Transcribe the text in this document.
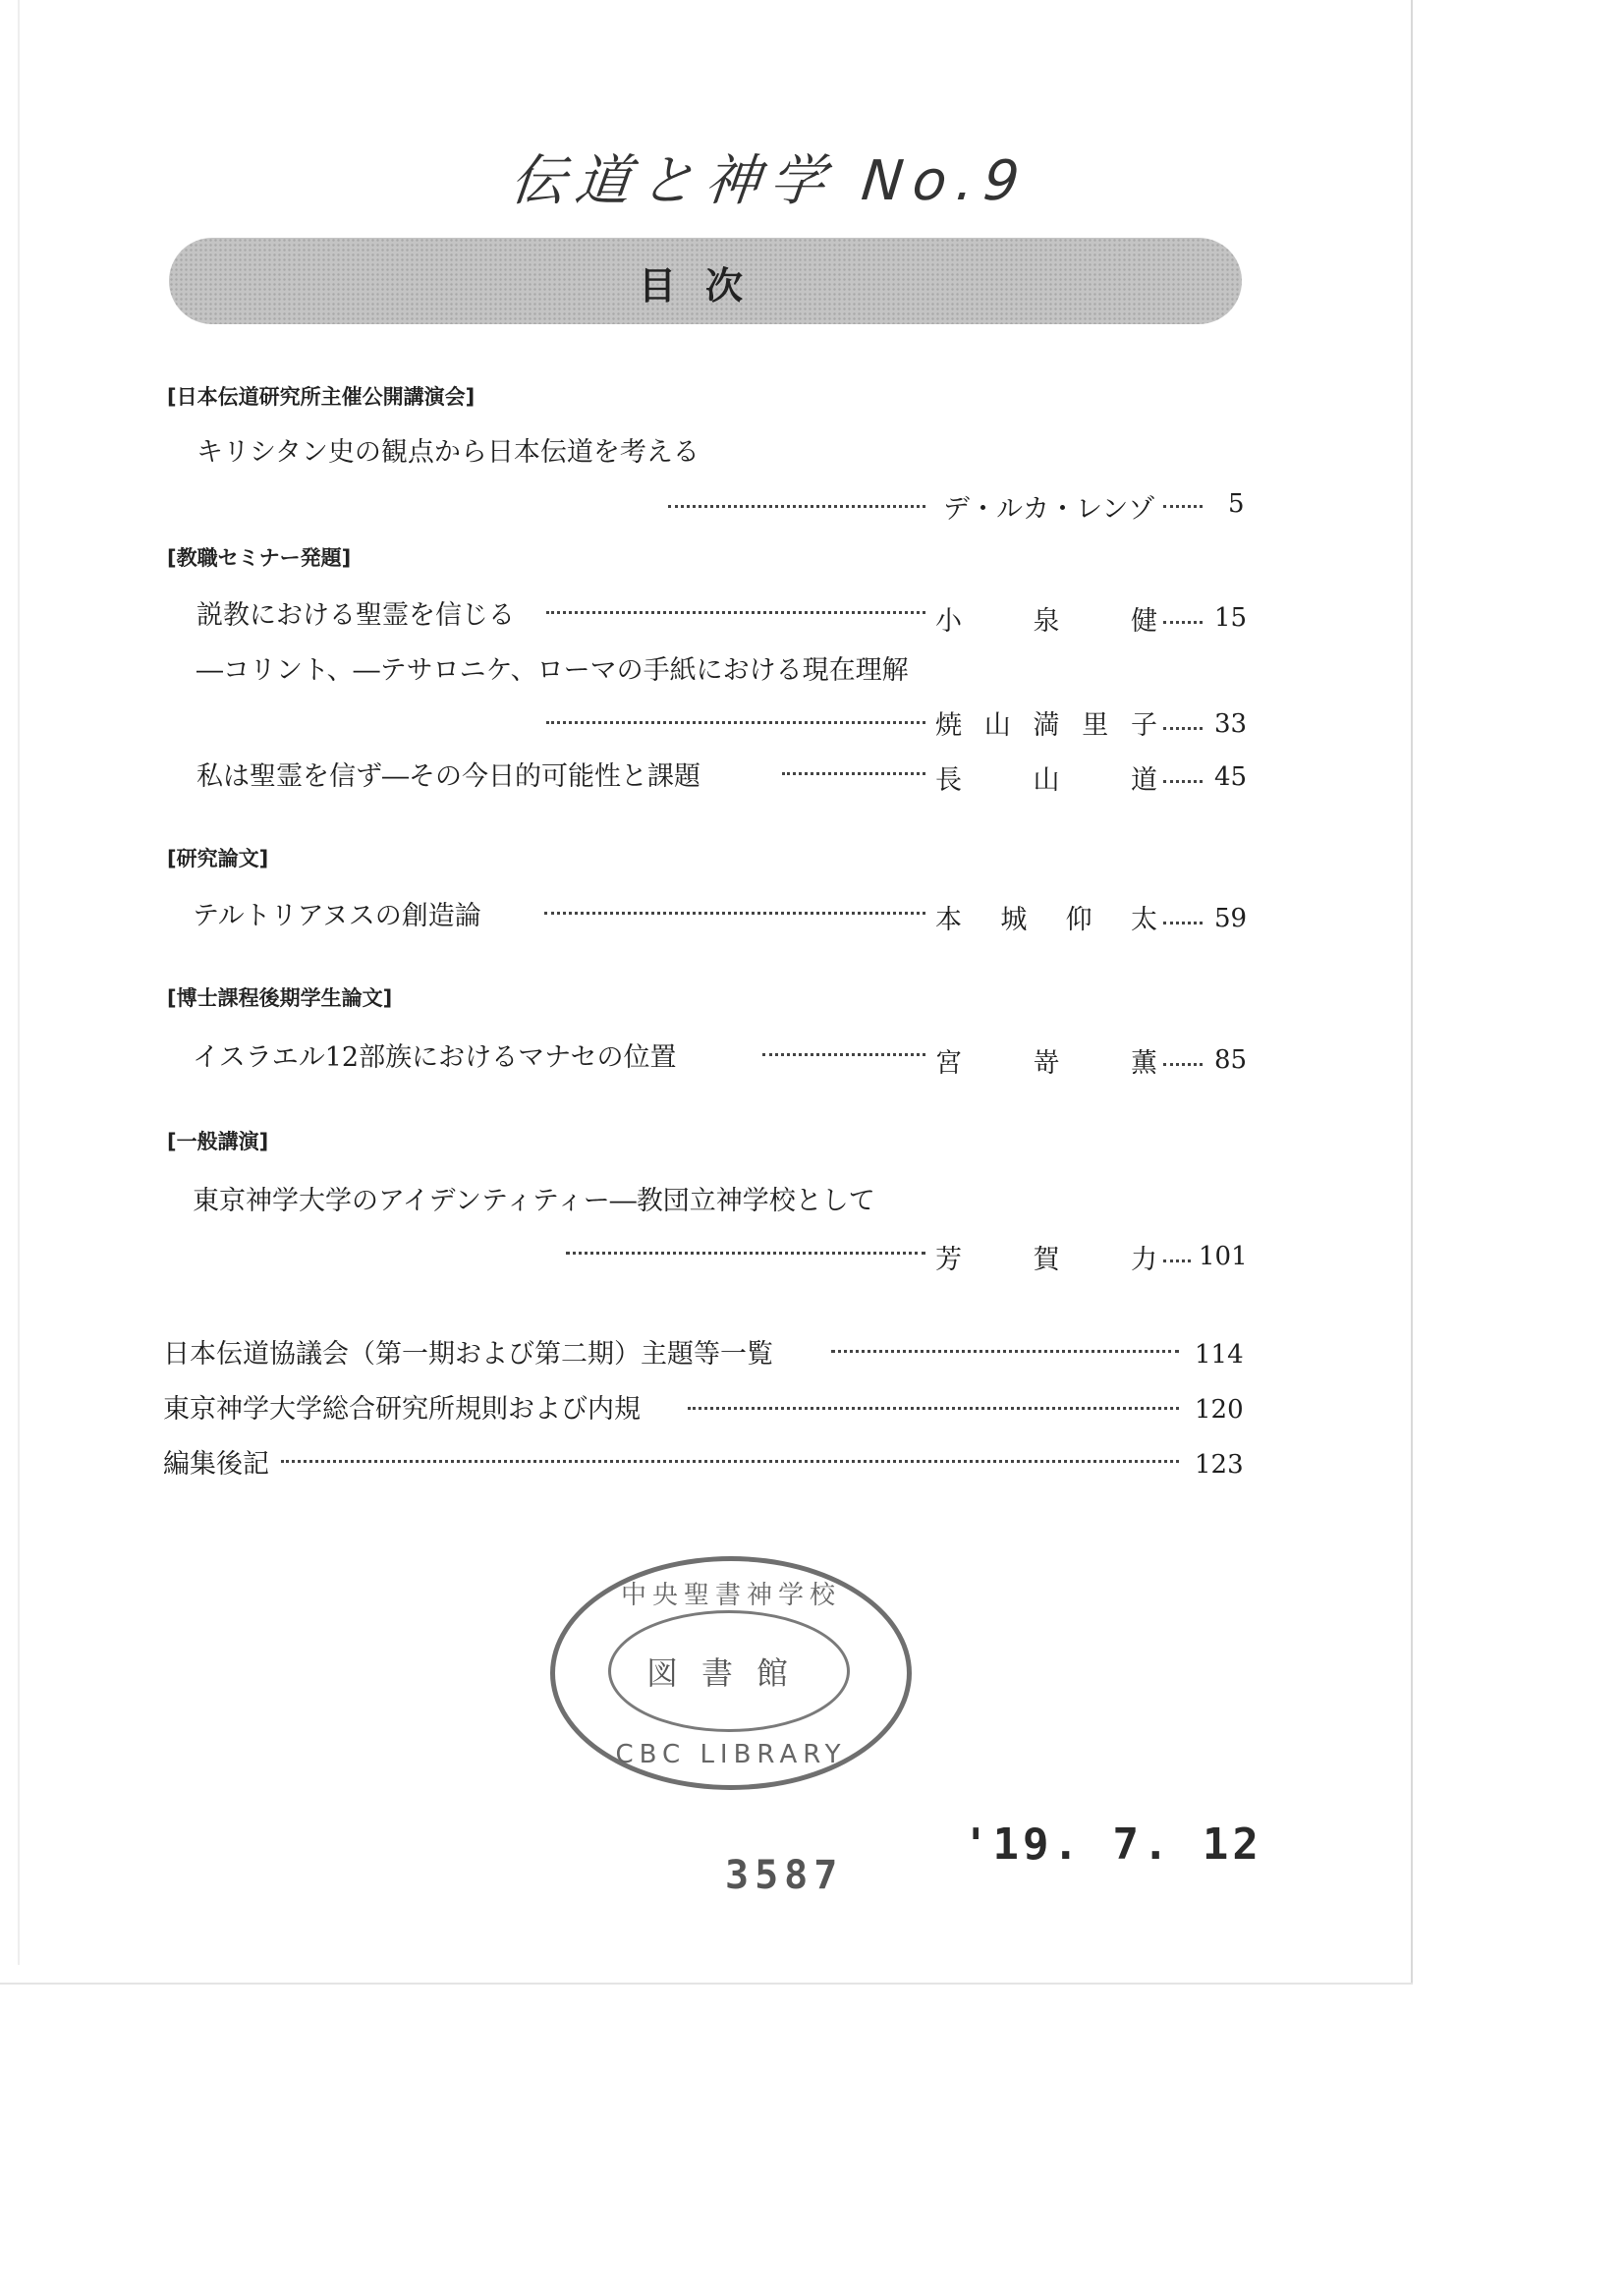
伝道と神学 No.9
目次
[日本伝道研究所主催公開講演会]
キリシタン史の観点から日本伝道を考える
デ・ルカ・レンゾ	5
[教職セミナー発題]
説教における聖霊を信じる	小 泉 健 15
―コリント、―テサロニケ、ローマの手紙における現在理解
焼 山 満 里 子 33
私は聖霊を信ず―その今日的可能性と課題	長 山 道 45
[研究論文]
テルトリアヌスの創造論	本 城 仰 太 59
[博士課程後期学生論文]
イスラエル12部族におけるマナセの位置	宮 嵜 薫 85
[一般講演]
東京神学大学のアイデンティティー―教団立神学校として
芳 賀 力 101
日本伝道協議会（第一期および第二期）主題等一覧	114
東京神学大学総合研究所規則および内規	120
編集後記	123
中央聖書神学校
図書館
CBC LIBRARY
'19. 7. 12
3587
